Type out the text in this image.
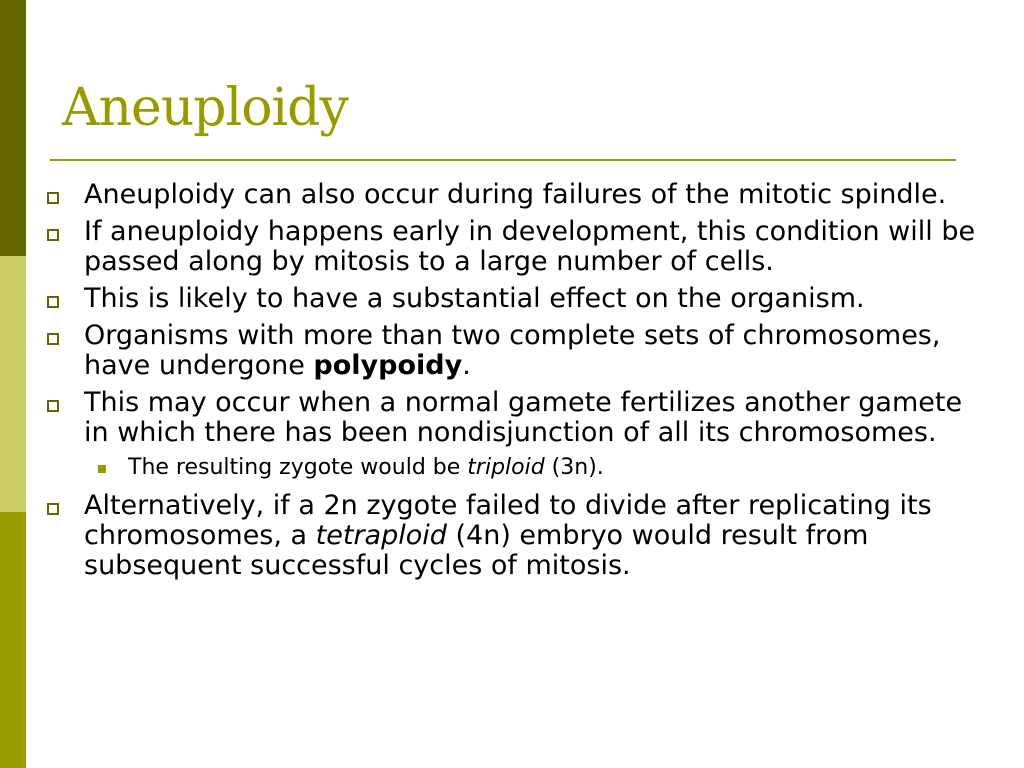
Aneuploidy
Aneuploidy can also occur during failures of the mitotic spindle.
If aneuploidy happens early in development, this condition will be passed along by mitosis to a large number of cells.
This is likely to have a substantial effect on the organism.
Organisms with more than two complete sets of chromosomes, have undergone polypoidy.
This may occur when a normal gamete fertilizes another gamete in which there has been nondisjunction of all its chromosomes.
The resulting zygote would be triploid (3n).
Alternatively, if a 2n zygote failed to divide after replicating its chromosomes, a tetraploid (4n) embryo would result from subsequent successful cycles of mitosis.
